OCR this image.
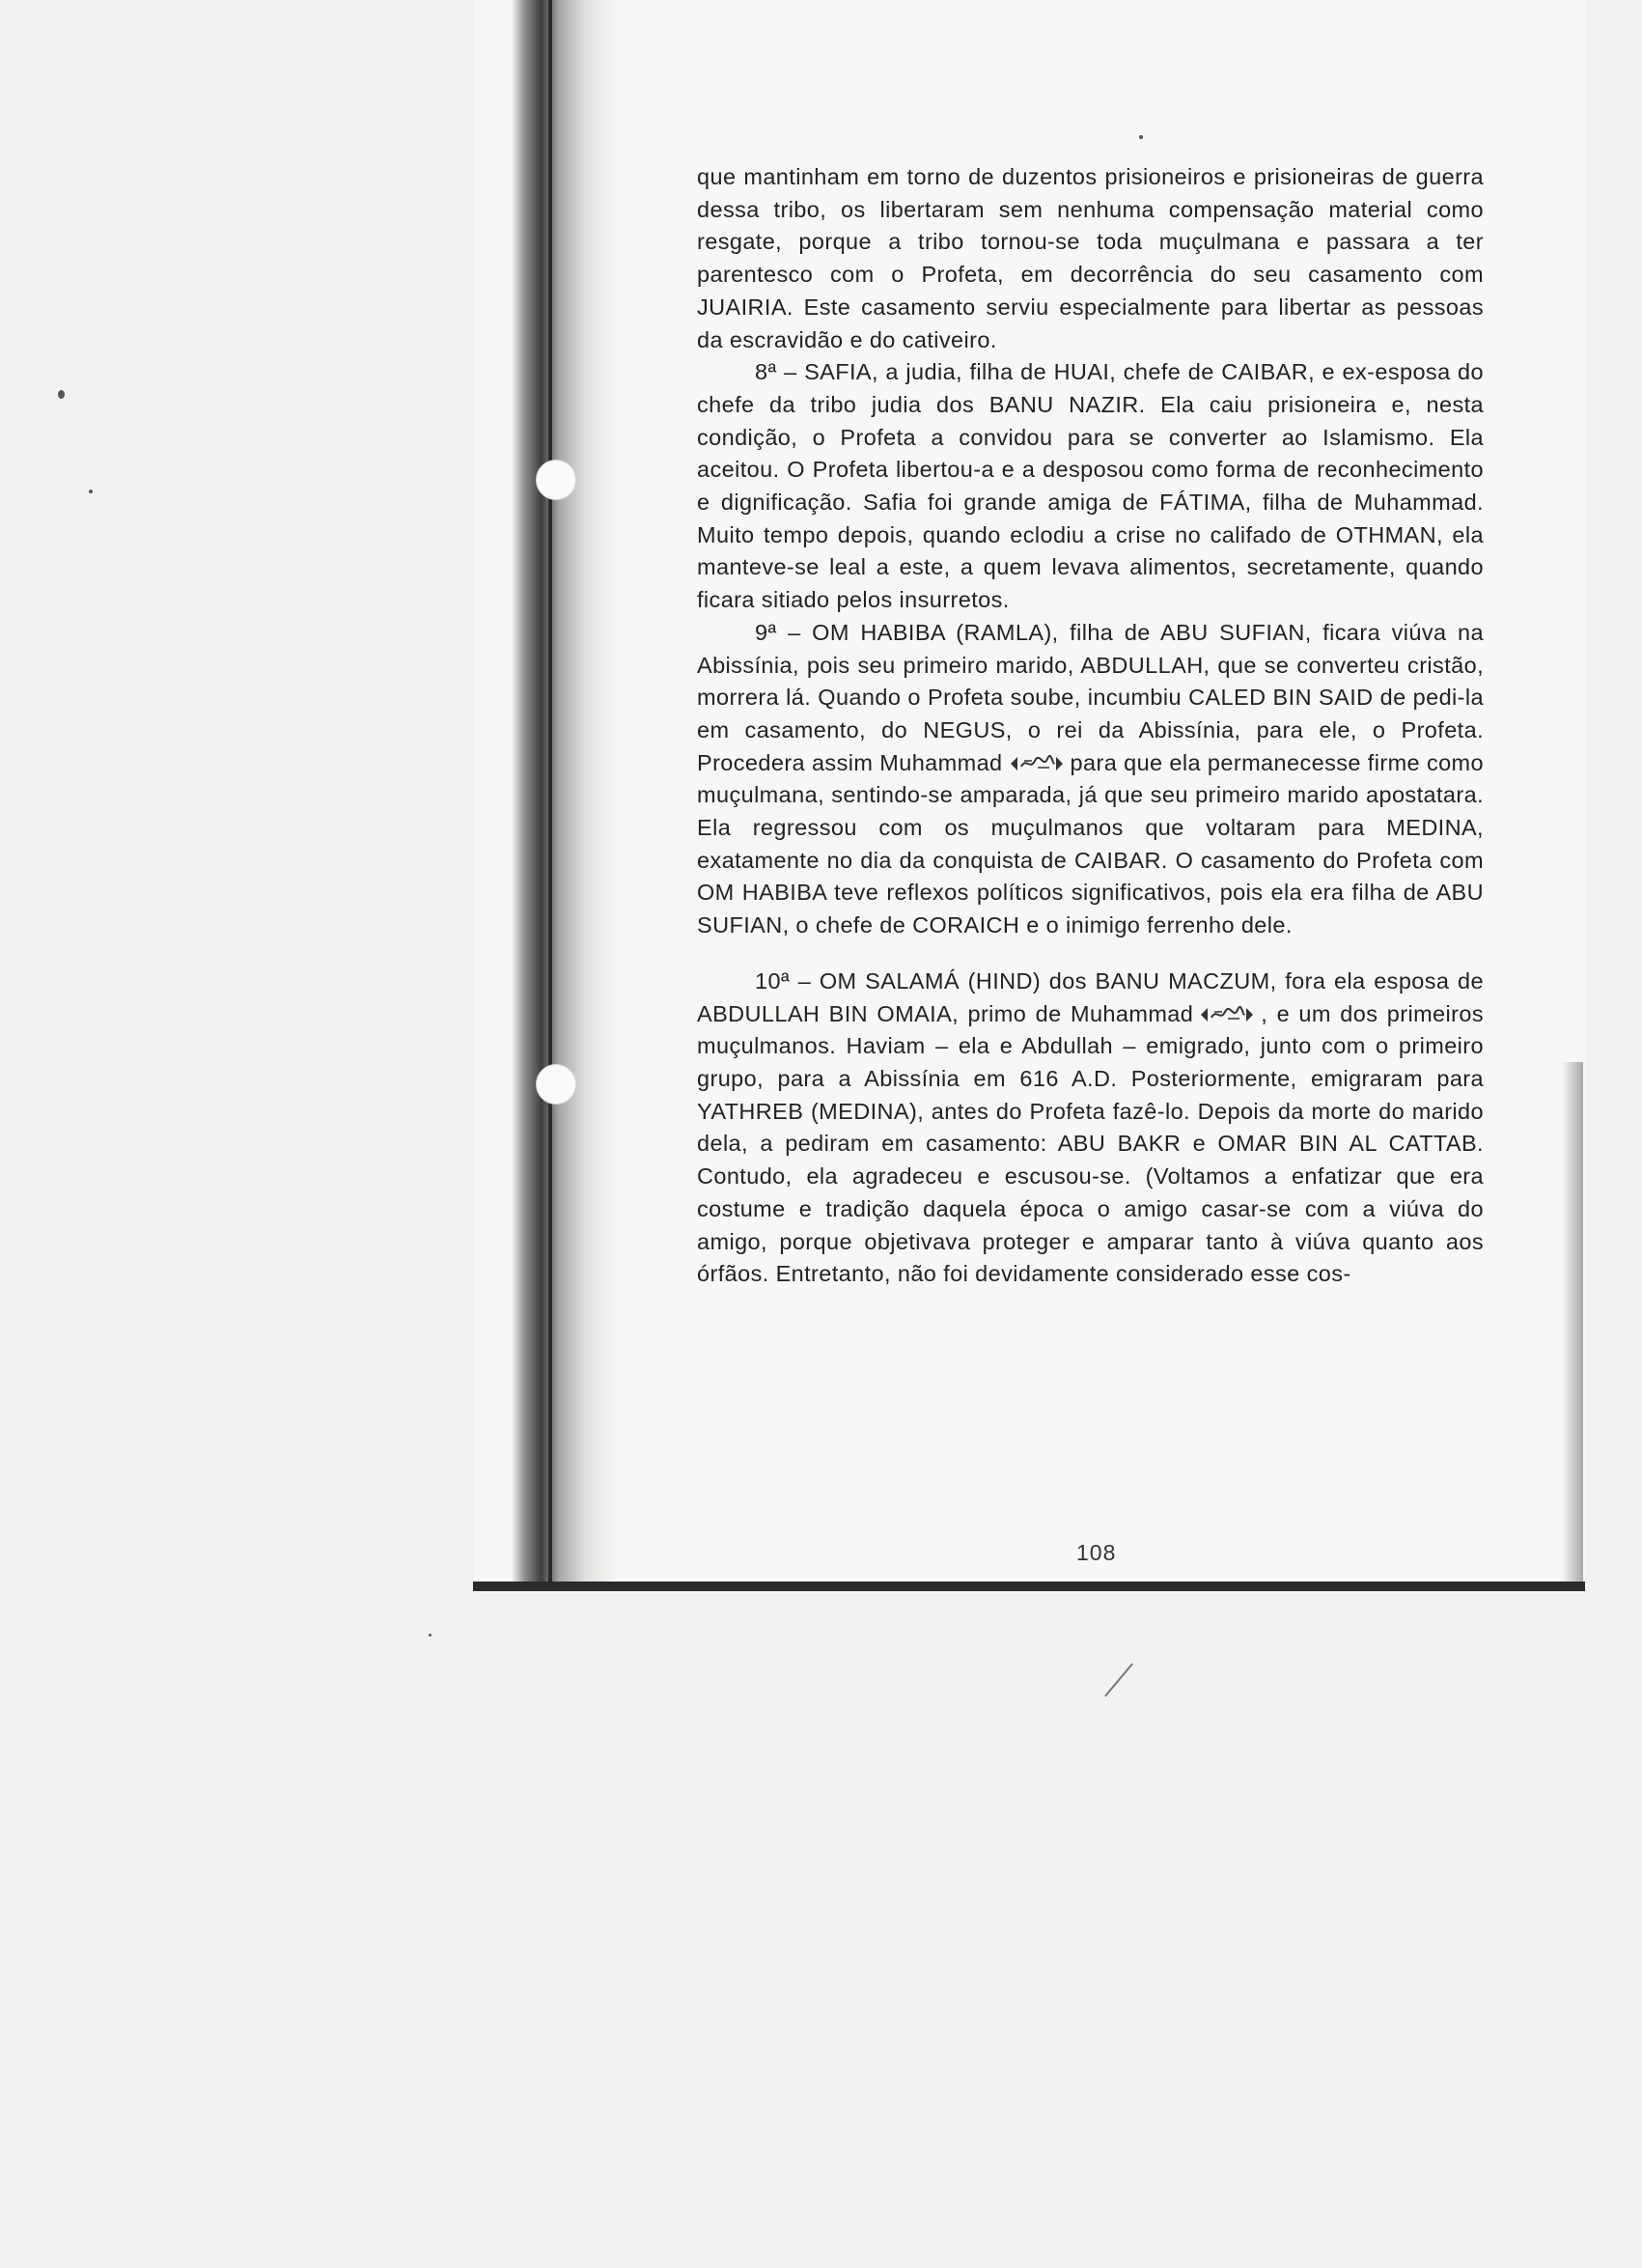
que mantinham em torno de duzentos prisioneiros e prisioneiras de guerra dessa tribo, os libertaram sem nenhuma compensação material como resgate, porque a tribo tornou-se toda muçulmana e passara a ter parentesco com o Profeta, em decorrência do seu casamento com JUAIRIA. Este casamento serviu especialmente para libertar as pessoas da escravidão e do cativeiro.

8ª – SAFIA, a judia, filha de HUAI, chefe de CAIBAR, e ex-esposa do chefe da tribo judia dos BANU NAZIR. Ela caiu prisioneira e, nesta condição, o Profeta a convidou para se converter ao Islamismo. Ela aceitou. O Profeta libertou-a e a desposou como forma de reconhecimento e dignificação. Safia foi grande amiga de FÁTIMA, filha de Muhammad. Muito tempo depois, quando eclodiu a crise no califado de OTHMAN, ela manteve-se leal a este, a quem levava alimentos, secretamente, quando ficara sitiado pelos insurretos.

9ª – OM HABIBA (RAMLA), filha de ABU SUFIAN, ficara viúva na Abissínia, pois seu primeiro marido, ABDULLAH, que se converteu cristão, morrera lá. Quando o Profeta soube, incumbiu CALED BIN SAID de pedi-la em casamento, do NEGUS, o rei da Abissínia, para ele, o Profeta. Procedera assim Muhammad	para que ela permanecesse firme como muçulmana, sentindo-se amparada, já que seu primeiro marido apostatara. Ela regressou com os muçulmanos que voltaram para MEDINA, exatamente no dia da conquista de CAIBAR. O casamento do Profeta com OM HABIBA teve reflexos políticos significativos, pois ela era filha de ABU SUFIAN, o chefe de CORAICH e o inimigo ferrenho dele.

10ª – OM SALAMÁ (HIND) dos BANU MACZUM, fora ela esposa de ABDULLAH BIN OMAIA, primo de Muhammad	, e um dos primeiros muçulmanos. Haviam – ela e Abdullah – emigrado, junto com o primeiro grupo, para a Abissínia em 616 A.D. Posteriormente, emigraram para YATHREB (MEDINA), antes do Profeta fazê-lo. Depois da morte do marido dela, a pediram em casamento: ABU BAKR e OMAR BIN AL CATTAB. Contudo, ela agradeceu e escusou-se. (Voltamos a enfatizar que era costume e tradição daquela época o amigo casar-se com a viúva do amigo, porque objetivava proteger e amparar tanto à viúva quanto aos órfãos. Entretanto, não foi devidamente considerado esse cos-

108
